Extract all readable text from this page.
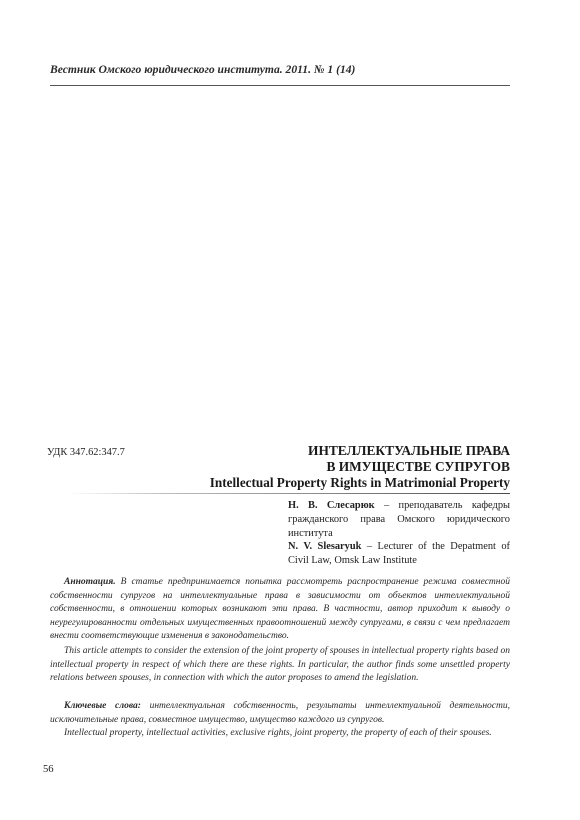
Вестник Омского юридического института. 2011. № 1 (14)
УДК 347.62:347.7	ИНТЕЛЛЕКТУАЛЬНЫЕ ПРАВА
В ИМУЩЕСТВЕ СУПРУГОВ
Intellectual Property Rights in Matrimonial Property
Н. В. Слесарюк – преподаватель кафедры гражданского права Омского юридического института
N. V. Slesaryuk – Lecturer of the Depatment of Civil Law, Omsk Law Institute
Аннотация. В статье предпринимается попытка рассмотреть распространение режима совместной собственности супругов на интеллектуальные права в зависимости от объектов интеллектуальной собственности, в отношении которых возникают эти права. В частности, автор приходит к выводу о неурегулированности отдельных имущественных правоотношений между супругами, в связи с чем предлагает внести соответствующие изменения в законодательство.
This article attempts to consider the extension of the joint property of spouses in intellectual property rights based on intellectual property in respect of which there are these rights. In particular, the author finds some unsettled property relations between spouses, in connection with which the autor proposes to amend the legislation.
Ключевые слова: интеллектуальная собственность, результаты интеллектуальной деятельности, исключительные права, совместное имущество, имущество каждого из супругов.
Intellectual property, intellectual activities, exclusive rights, joint property, the property of each of their spouses.
56
